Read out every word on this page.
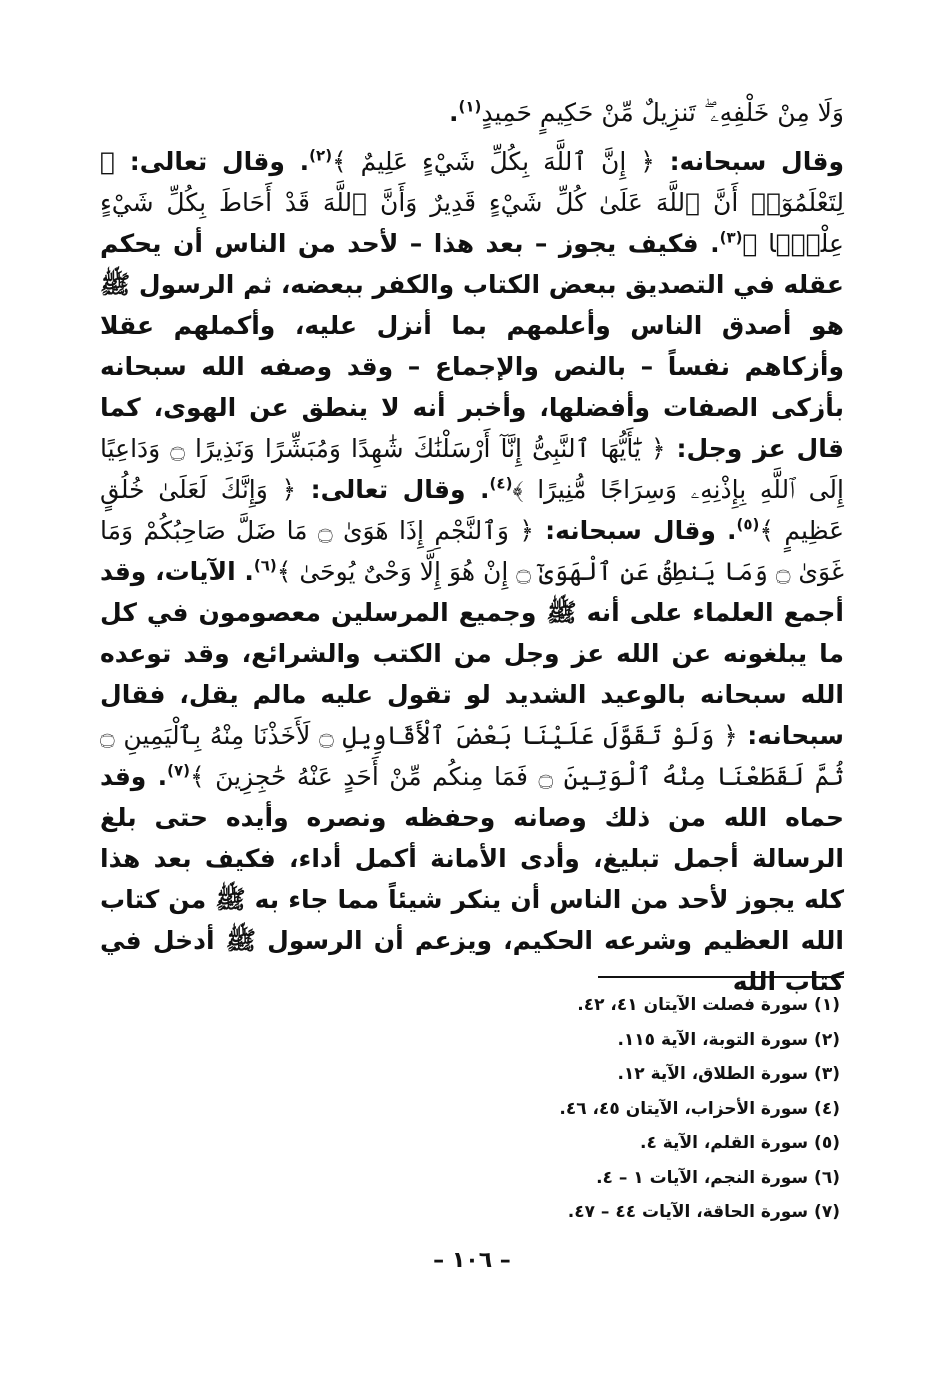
وَلَا مِنْ خَلْفِهِۦ ۖ تَنزِيلٌ مِّنْ حَكِيمٍ حَمِيدٍ$^{(١)}$.

وقال سبحانه: ﴿ إِنَّ ٱللَّهَ بِكُلِّ شَيْءٍ عَلِيمٌ ﴾$^{(٢)}$. وقال تعالى: ﴿ لِتَعْلَمُوٓا۟ أَنَّ ٱللَّهَ عَلَىٰ كُلِّ شَيْءٍ قَدِيرٌ وَأَنَّ ٱللَّهَ قَدْ أَحَاطَ بِكُلِّ شَيْءٍ عِلْمًۢا ﴾$^{(٣)}$. فكيف يجوز – بعد هذا – لأحد من الناس أن يحكم عقله في التصديق ببعض الكتاب والكفر ببعضه، ثم الرسول ﷺ هو أصدق الناس وأعلمهم بما أنزل عليه، وأكملهم عقلا وأزكاهم نفساً – بالنص والإجماع – وقد وصفه الله سبحانه بأزكى الصفات وأفضلها، وأخبر أنه لا ينطق عن الهوى، كما قال عز وجل: ﴿ يَٰٓأَيُّهَا ٱلنَّبِىُّ إِنَّآ أَرْسَلْنَٰكَ شَٰهِدًا وَمُبَشِّرًا وَنَذِيرًا ۝ وَدَاعِيًا إِلَى ٱللَّهِ بِإِذْنِهِۦ وَسِرَاجًا مُّنِيرًا ﴾$^{(٤)}$. وقال تعالى: ﴿ وَإِنَّكَ لَعَلَىٰ خُلُقٍ عَظِيمٍ ﴾$^{(٥)}$. وقال سبحانه: ﴿ وَٱلنَّجْمِ إِذَا هَوَىٰ ۝ مَا ضَلَّ صَاحِبُكُمْ وَمَا غَوَىٰ ۝ وَمَا يَنطِقُ عَنِ ٱلْهَوَىٰٓ ۝ إِنْ هُوَ إِلَّا وَحْىٌ يُوحَىٰ ﴾$^{(٦)}$. الآيات، وقد أجمع العلماء على أنه ﷺ وجميع المرسلين معصومون في كل ما يبلغونه عن الله عز وجل من الكتب والشرائع، وقد توعده الله سبحانه بالوعيد الشديد لو تقول عليه مالم يقل، فقال سبحانه: ﴿ وَلَوْ تَقَوَّلَ عَلَيْنَا بَعْضَ ٱلْأَقَاوِيلِ ۝ لَأَخَذْنَا مِنْهُ بِٱلْيَمِينِ ۝ ثُمَّ لَقَطَعْنَا مِنْهُ ٱلْوَتِينَ ۝ فَمَا مِنكُم مِّنْ أَحَدٍ عَنْهُ حَٰجِزِينَ ﴾$^{(٧)}$. وقد حماه الله من ذلك وصانه وحفظه ونصره وأيده حتى بلغ الرسالة أجمل تبليغ، وأدى الأمانة أكمل أداء، فكيف بعد هذا كله يجوز لأحد من الناس أن ينكر شيئاً مما جاء به ﷺ من كتاب الله العظيم وشرعه الحكيم، ويزعم أن الرسول ﷺ أدخل في كتاب الله

(١) سورة فصلت الآيتان ٤١، ٤٢.
(٢) سورة التوبة، الآية ١١٥.
(٣) سورة الطلاق، الآية ١٢.
(٤) سورة الأحزاب، الآيتان ٤٥، ٤٦.
(٥) سورة القلم، الآية ٤.
(٦) سورة النجم، الآيات ١ – ٤.
(٧) سورة الحاقة، الآيات ٤٤ – ٤٧.
– ١٠٦ –
